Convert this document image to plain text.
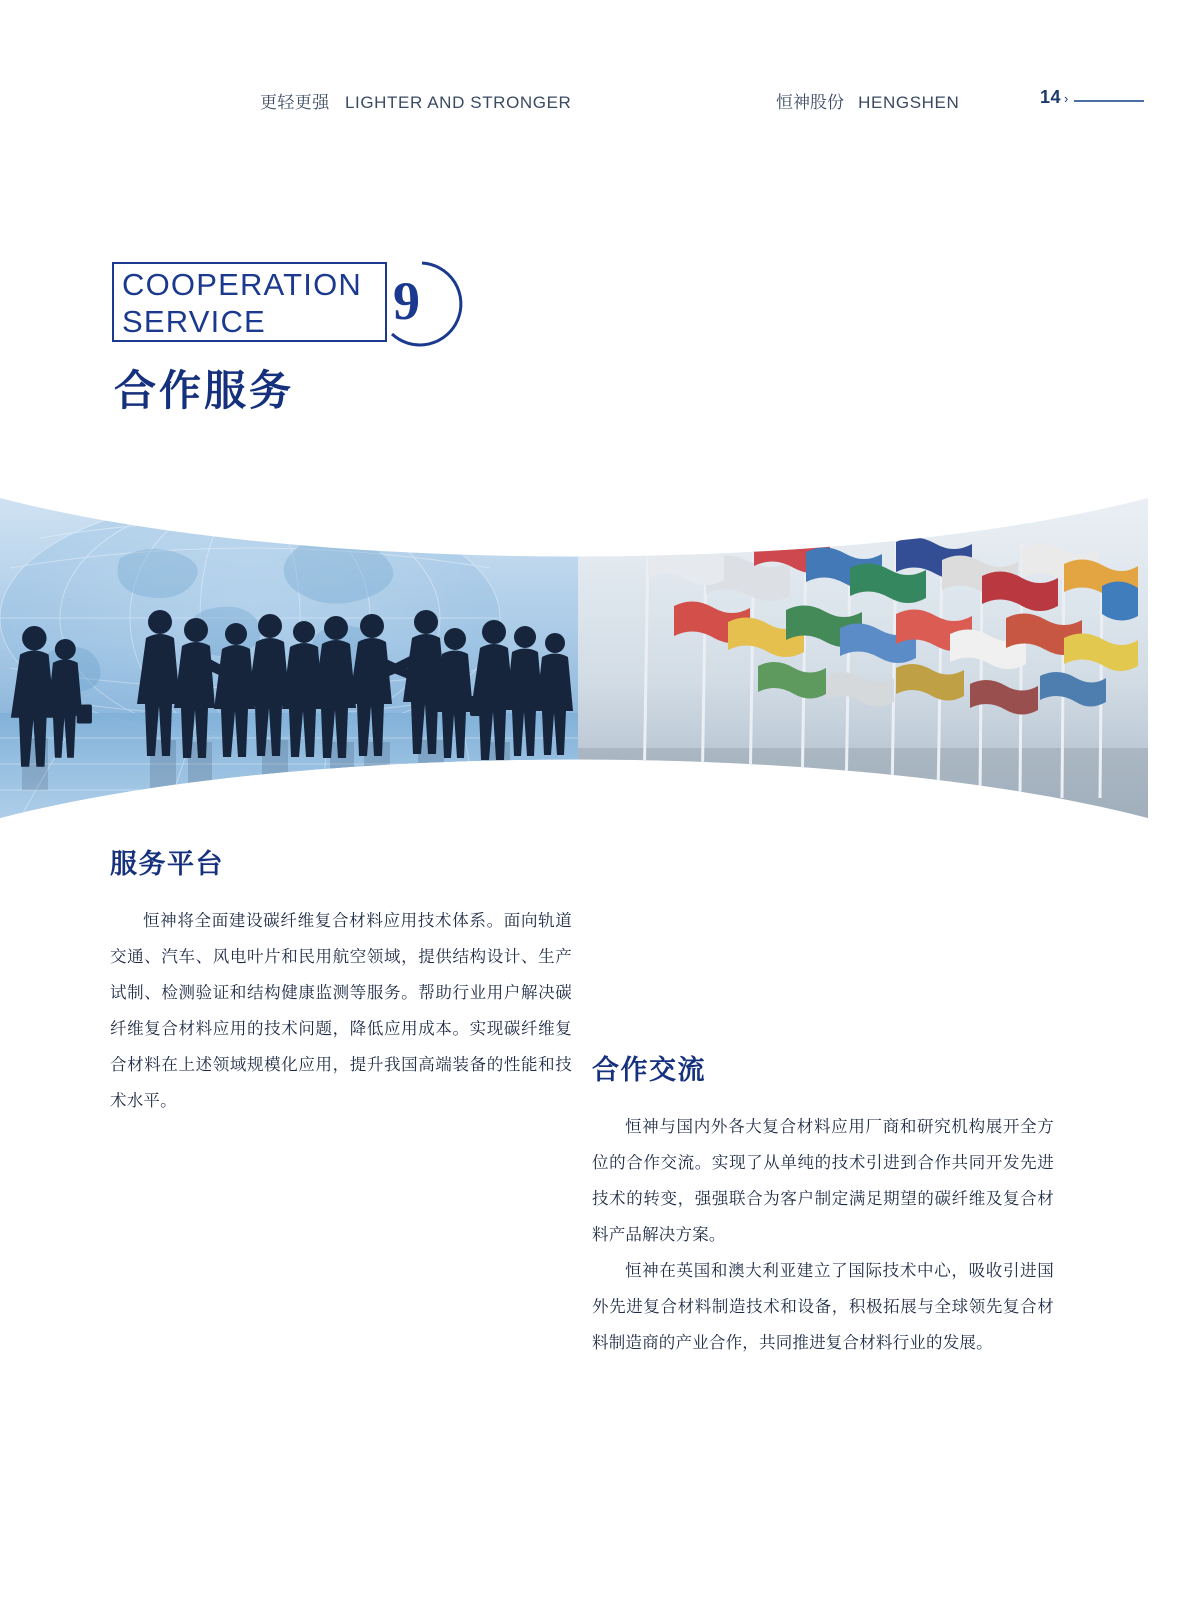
更轻更强 LIGHTER AND STRONGER	恒神股份 HENGSHEN	14 ›
COOPERATION
SERVICE 9
合作服务
服务平台

恒神将全面建设碳纤维复合材料应用技术体系。面向轨道交通、汽车、风电叶片和民用航空领域，提供结构设计、生产试制、检测验证和结构健康监测等服务。帮助行业用户解决碳纤维复合材料应用的技术问题，降低应用成本。实现碳纤维复合材料在上述领域规模化应用，提升我国高端装备的性能和技术水平。

合作交流

恒神与国内外各大复合材料应用厂商和研究机构展开全方位的合作交流。实现了从单纯的技术引进到合作共同开发先进技术的转变，强强联合为客户制定满足期望的碳纤维及复合材料产品解决方案。

恒神在英国和澳大利亚建立了国际技术中心，吸收引进国外先进复合材料制造技术和设备，积极拓展与全球领先复合材料制造商的产业合作，共同推进复合材料行业的发展。
